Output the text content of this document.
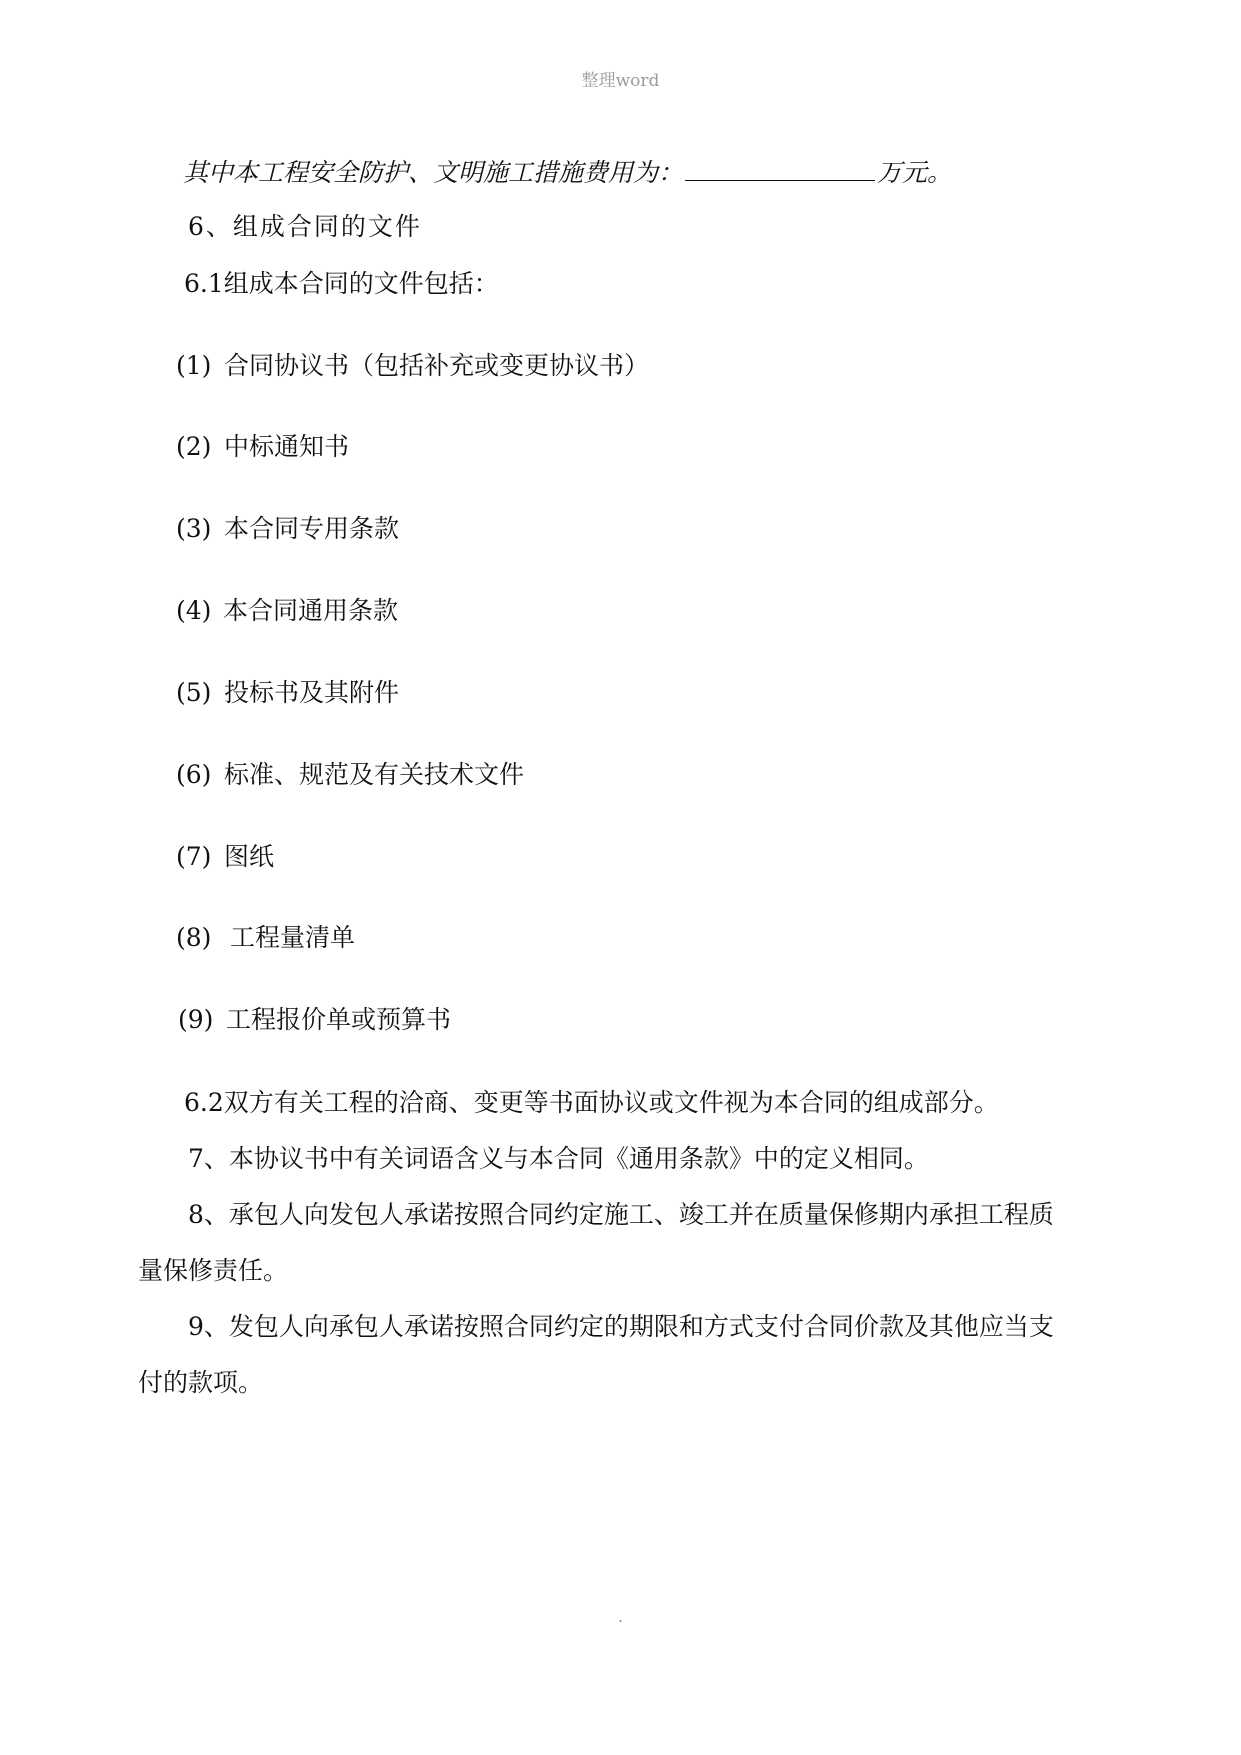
整理word
其中本工程安全防护、文明施工措施费用为：	万元。
6、组成合同的文件
6.1组成本合同的文件包括：
(1) 合同协议书（包括补充或变更协议书）
(2) 中标通知书
(3) 本合同专用条款
(4) 本合同通用条款
(5) 投标书及其附件
(6) 标准、规范及有关技术文件
(7) 图纸
(8) 工程量清单
(9) 工程报价单或预算书
6.2双方有关工程的洽商、变更等书面协议或文件视为本合同的组成部分。
7、本协议书中有关词语含义与本合同《通用条款》中的定义相同。
8、承包人向发包人承诺按照合同约定施工、竣工并在质量保修期内承担工程质
量保修责任。
9、发包人向承包人承诺按照合同约定的期限和方式支付合同价款及其他应当支
付的款项。
.
